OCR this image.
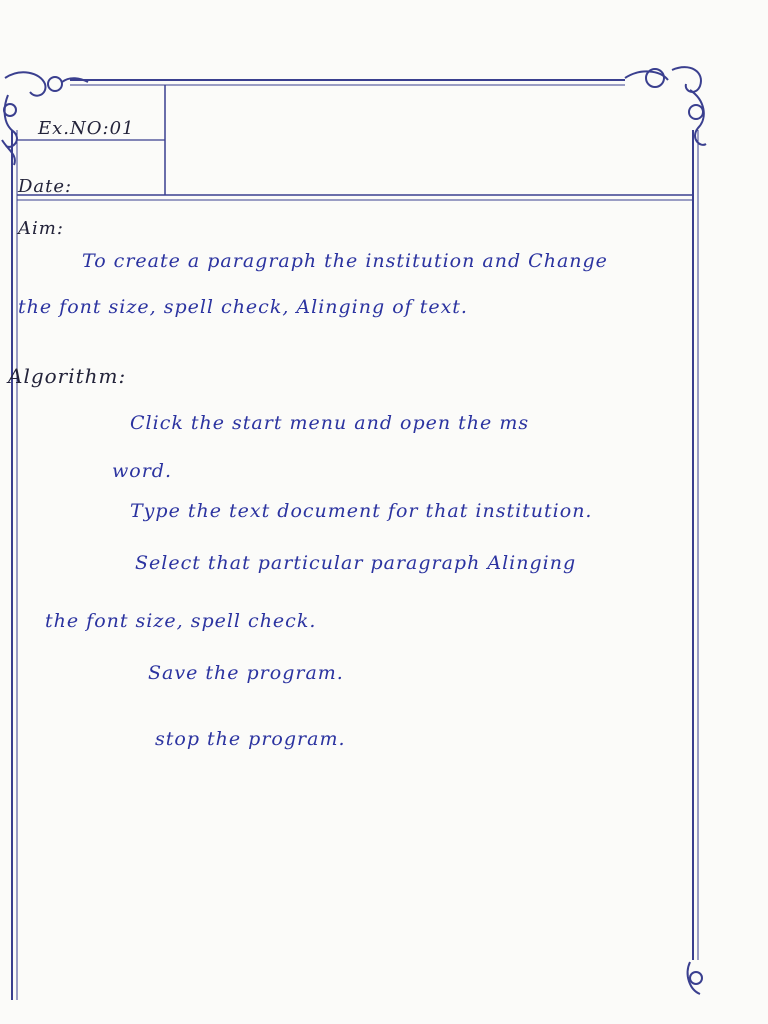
Ex.NO:01
Date:
Aim:
To create a paragraph the institution and Change
the font size, spell check, Alinging of text.
Algorithm:
Click the start menu and open the ms
word.
Type the text document for that institution.
Select that particular paragraph Alinging
the font size, spell check.
Save the program.
stop the program.
